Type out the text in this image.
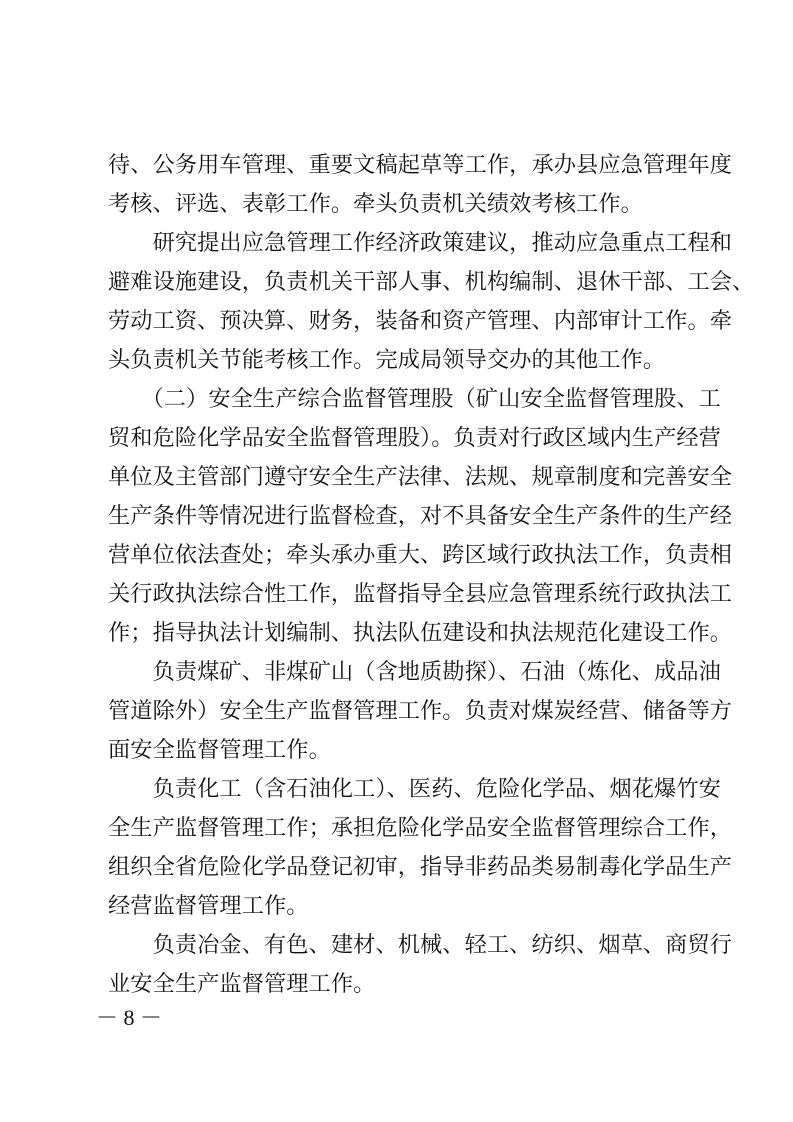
待、公务用车管理、重要文稿起草等工作，承办县应急管理年度
考核、评选、表彰工作。牵头负责机关绩效考核工作。
　　研究提出应急管理工作经济政策建议，推动应急重点工程和
避难设施建设，负责机关干部人事、机构编制、退休干部、工会、
劳动工资、预决算、财务，装备和资产管理、内部审计工作。牵
头负责机关节能考核工作。完成局领导交办的其他工作。
　　（二）安全生产综合监督管理股（矿山安全监督管理股、工
贸和危险化学品安全监督管理股）。负责对行政区域内生产经营
单位及主管部门遵守安全生产法律、法规、规章制度和完善安全
生产条件等情况进行监督检查，对不具备安全生产条件的生产经
营单位依法查处；牵头承办重大、跨区域行政执法工作，负责相
关行政执法综合性工作，监督指导全县应急管理系统行政执法工
作；指导执法计划编制、执法队伍建设和执法规范化建设工作。
　　负责煤矿、非煤矿山（含地质勘探）、石油（炼化、成品油
管道除外）安全生产监督管理工作。负责对煤炭经营、储备等方
面安全监督管理工作。
　　负责化工（含石油化工）、医药、危险化学品、烟花爆竹安
全生产监督管理工作；承担危险化学品安全监督管理综合工作，
组织全省危险化学品登记初审，指导非药品类易制毒化学品生产
经营监督管理工作。
　　负责冶金、有色、建材、机械、轻工、纺织、烟草、商贸行
业安全生产监督管理工作。
－ 8 －
